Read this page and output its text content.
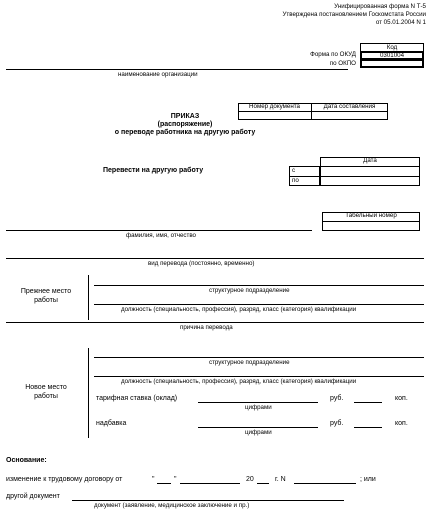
Унифицированная форма N Т-5
Утверждена постановлением Госкомстата России
от 05.01.2004 N 1
Код
0301004
Форма по ОКУД
по ОКПО
наименование организации
Номер документа	Дата составления
ПРИКАЗ
(распоряжение)
о переводе работника на другую работу
Перевести на другую работу
Дата
с
по
Табельный номер
фамилия, имя, отчество
вид перевода (постоянно, временно)
Прежнее место
работы
структурное подразделение
должность (специальность, профессия), разряд, класс (категория) квалификации
причина перевода
Новое место
работы
структурное подразделение
должность (специальность, профессия), разряд, класс (категория) квалификации
тарифная ставка (оклад)
цифрами
руб.	коп.
надбавка
цифрами
руб.	коп.
Основание:
изменение к трудовому договору от	"	"	20	г. N	; или
другой документ
документ (заявление, медицинское заключение и пр.)
